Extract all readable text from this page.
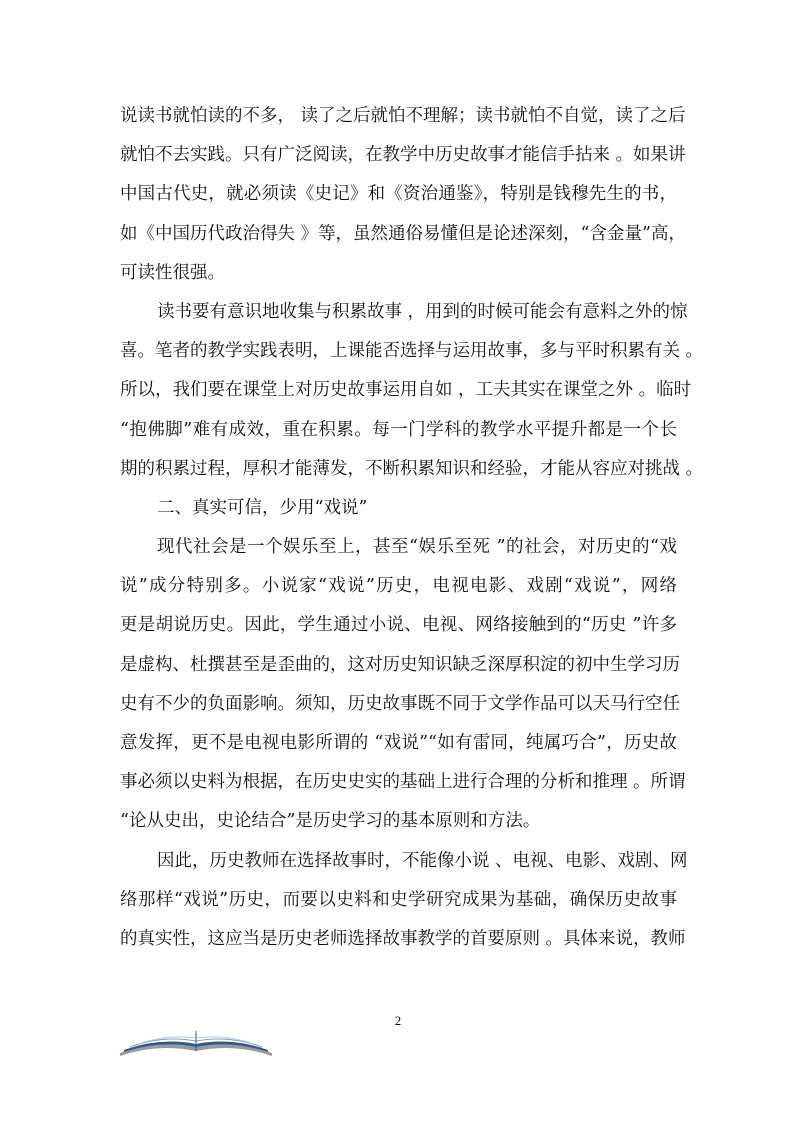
说读书就怕读的不多， 读了之后就怕不理解；读书就怕不自觉，读了之后
就怕不去实践。只有广泛阅读，在教学中历史故事才能信手拈来 。如果讲
中国古代史，就必须读《史记》和《资治通鉴》，特别是钱穆先生的书，
如《中国历代政治得失 》等，虽然通俗易懂但是论述深刻，“含金量”高，
可读性很强。
读书要有意识地收集与积累故事 ，用到的时候可能会有意料之外的惊
喜。笔者的教学实践表明，上课能否选择与运用故事，多与平时积累有关 。
所以，我们要在课堂上对历史故事运用自如 ，工夫其实在课堂之外 。临时
“抱佛脚”难有成效，重在积累。每一门学科的教学水平提升都是一个长
期的积累过程，厚积才能薄发，不断积累知识和经验，才能从容应对挑战 。
二、真实可信，少用“戏说”
现代社会是一个娱乐至上，甚至“娱乐至死 ”的社会，对历史的“戏
说”成分特别多。小说家“戏说”历史，电视电影、戏剧“戏说”，网络
更是胡说历史。因此，学生通过小说、电视、网络接触到的“历史 ”许多
是虚构、杜撰甚至是歪曲的，这对历史知识缺乏深厚积淀的初中生学习历
史有不少的负面影响。须知，历史故事既不同于文学作品可以天马行空任
意发挥，更不是电视电影所谓的 “戏说”“如有雷同，纯属巧合”，历史故
事必须以史料为根据，在历史史实的基础上进行合理的分析和推理 。所谓
“论从史出，史论结合”是历史学习的基本原则和方法。
因此，历史教师在选择故事时，不能像小说 、电视、电影、戏剧、网
络那样“戏说”历史，而要以史料和史学研究成果为基础，确保历史故事
的真实性，这应当是历史老师选择故事教学的首要原则 。具体来说，教师
2
